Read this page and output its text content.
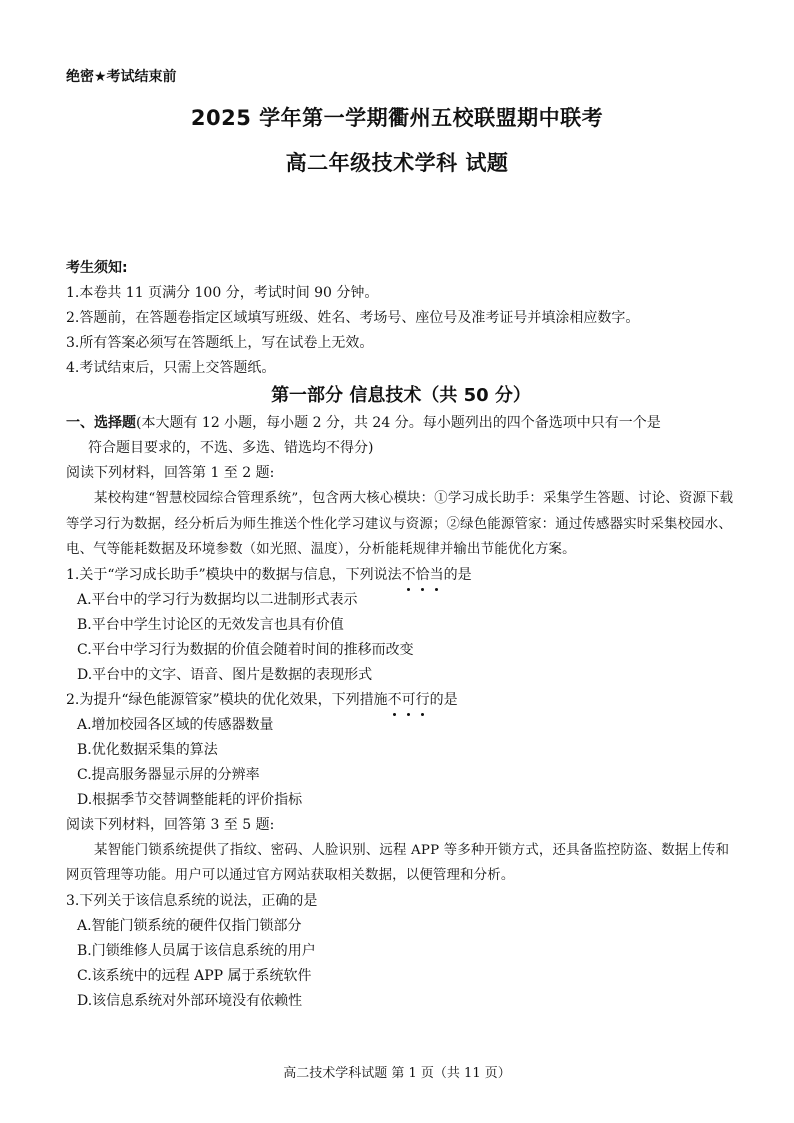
绝密★考试结束前
2025 学年第一学期衢州五校联盟期中联考
高二年级技术学科 试题
考生须知:
1.本卷共 11 页满分 100 分，考试时间 90 分钟。
2.答题前，在答题卷指定区域填写班级、姓名、考场号、座位号及准考证号并填涂相应数字。
3.所有答案必须写在答题纸上，写在试卷上无效。
4.考试结束后，只需上交答题纸。
第一部分 信息技术（共 50 分）
一、选择题(本大题有 12 小题，每小题 2 分，共 24 分。每小题列出的四个备选项中只有一个是
符合题目要求的，不选、多选、错选均不得分)
阅读下列材料，回答第 1 至 2 题:
某校构建“智慧校园综合管理系统”，包含两大核心模块：①学习成长助手：采集学生答题、讨论、资源下载等学习行为数据，经分析后为师生推送个性化学习建议与资源；②绿色能源管家：通过传感器实时采集校园水、电、气等能耗数据及环境参数（如光照、温度），分析能耗规律并输出节能优化方案。
1.关于“学习成长助手”模块中的数据与信息，下列说法不恰当的是
A.平台中的学习行为数据均以二进制形式表示
B.平台中学生讨论区的无效发言也具有价值
C.平台中学习行为数据的价值会随着时间的推移而改变
D.平台中的文字、语音、图片是数据的表现形式
2.为提升“绿色能源管家”模块的优化效果，下列措施不可行的是
A.增加校园各区域的传感器数量
B.优化数据采集的算法
C.提高服务器显示屏的分辨率
D.根据季节交替调整能耗的评价指标
阅读下列材料，回答第 3 至 5 题:
某智能门锁系统提供了指纹、密码、人脸识别、远程 APP 等多种开锁方式，还具备监控防盗、数据上传和网页管理等功能。用户可以通过官方网站获取相关数据，以便管理和分析。
3.下列关于该信息系统的说法，正确的是
A.智能门锁系统的硬件仅指门锁部分
B.门锁维修人员属于该信息系统的用户
C.该系统中的远程 APP 属于系统软件
D.该信息系统对外部环境没有依赖性
高二技术学科试题 第 1 页（共 11 页）
